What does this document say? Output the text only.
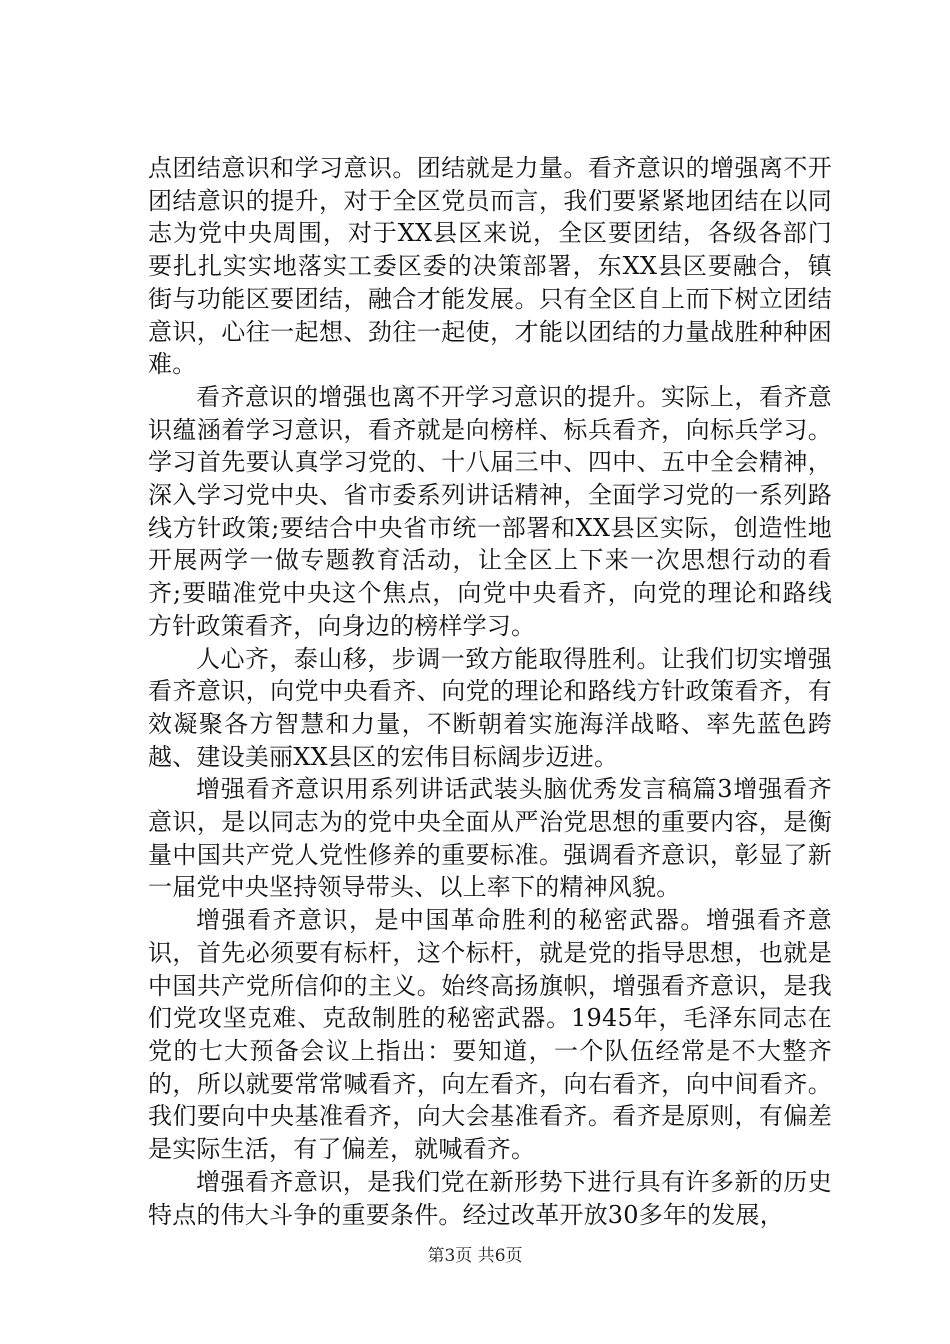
点团结意识和学习意识。团结就是力量。看齐意识的增强离不开团结意识的提升，对于全区党员而言，我们要紧紧地团结在以同志为党中央周围，对于XX县区来说，全区要团结，各级各部门要扎扎实实地落实工委区委的决策部署，东XX县区要融合，镇街与功能区要团结，融合才能发展。只有全区自上而下树立团结意识，心往一起想、劲往一起使，才能以团结的力量战胜种种困难。

看齐意识的增强也离不开学习意识的提升。实际上，看齐意识蕴涵着学习意识，看齐就是向榜样、标兵看齐，向标兵学习。学习首先要认真学习党的、十八届三中、四中、五中全会精神，深入学习党中央、省市委系列讲话精神，全面学习党的一系列路线方针政策;要结合中央省市统一部署和XX县区实际，创造性地开展两学一做专题教育活动，让全区上下来一次思想行动的看齐;要瞄准党中央这个焦点，向党中央看齐，向党的理论和路线方针政策看齐，向身边的榜样学习。

人心齐，泰山移，步调一致方能取得胜利。让我们切实增强看齐意识，向党中央看齐、向党的理论和路线方针政策看齐，有效凝聚各方智慧和力量，不断朝着实施海洋战略、率先蓝色跨越、建设美丽XX县区的宏伟目标阔步迈进。

增强看齐意识用系列讲话武装头脑优秀发言稿篇3增强看齐意识，是以同志为的党中央全面从严治党思想的重要内容，是衡量中国共产党人党性修养的重要标准。强调看齐意识，彰显了新一届党中央坚持领导带头、以上率下的精神风貌。

增强看齐意识，是中国革命胜利的秘密武器。增强看齐意识，首先必须要有标杆，这个标杆，就是党的指导思想，也就是中国共产党所信仰的主义。始终高扬旗帜，增强看齐意识，是我们党攻坚克难、克敌制胜的秘密武器。1945年，毛泽东同志在党的七大预备会议上指出：要知道，一个队伍经常是不大整齐的，所以就要常常喊看齐，向左看齐，向右看齐，向中间看齐。我们要向中央基准看齐，向大会基准看齐。看齐是原则，有偏差是实际生活，有了偏差，就喊看齐。

增强看齐意识，是我们党在新形势下进行具有许多新的历史特点的伟大斗争的重要条件。经过改革开放30多年的发展，

第3页 共6页
